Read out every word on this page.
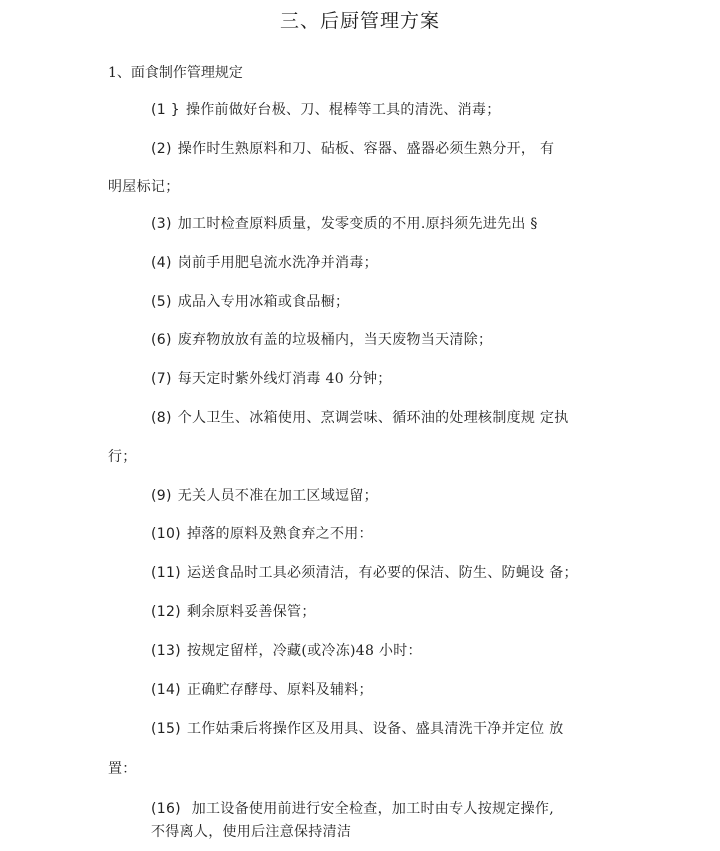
三、后厨管理方案
1、面食制作管理规定
(1 } 操作前做好台极、刀、棍棒等工具的清洗、消毒；
(2) 操作时生熟原料和刀、砧板、容器、盛器必须生熟分开， 有
明屋标记；
(3) 加工时检查原料质量，发零变质的不用.原抖须先进先出 §
(4) 岗前手用肥皂流水洗净并消毒；
(5) 成品入专用冰箱或食品橱；
(6) 废弃物放放有盖的垃圾桶内，当天废物当天清除；
(7) 每天定时紫外线灯消毒 40 分钟；
(8) 个人卫生、冰箱使用、烹调尝味、循环油的处理核制度规 定执
行；
(9) 无关人员不准在加工区域逗留；
(10) 掉落的原料及熟食弃之不用：
(11) 运送食品时工具必须清洁，有必要的保洁、防生、防蝇设 备；
(12) 剩余原料妥善保管；
(13) 按规定留样，冷藏(或冷冻)48 小时：
(14) 正确贮存酵母、原料及辅料；
(15) 工作姑秉后将操作区及用具、设备、盛具清洗干净并定位 放
置：
(16) 加工设备使用前进行安全检查，加工时由专人按规定操作,
不得离人，使用后注意保持清洁
